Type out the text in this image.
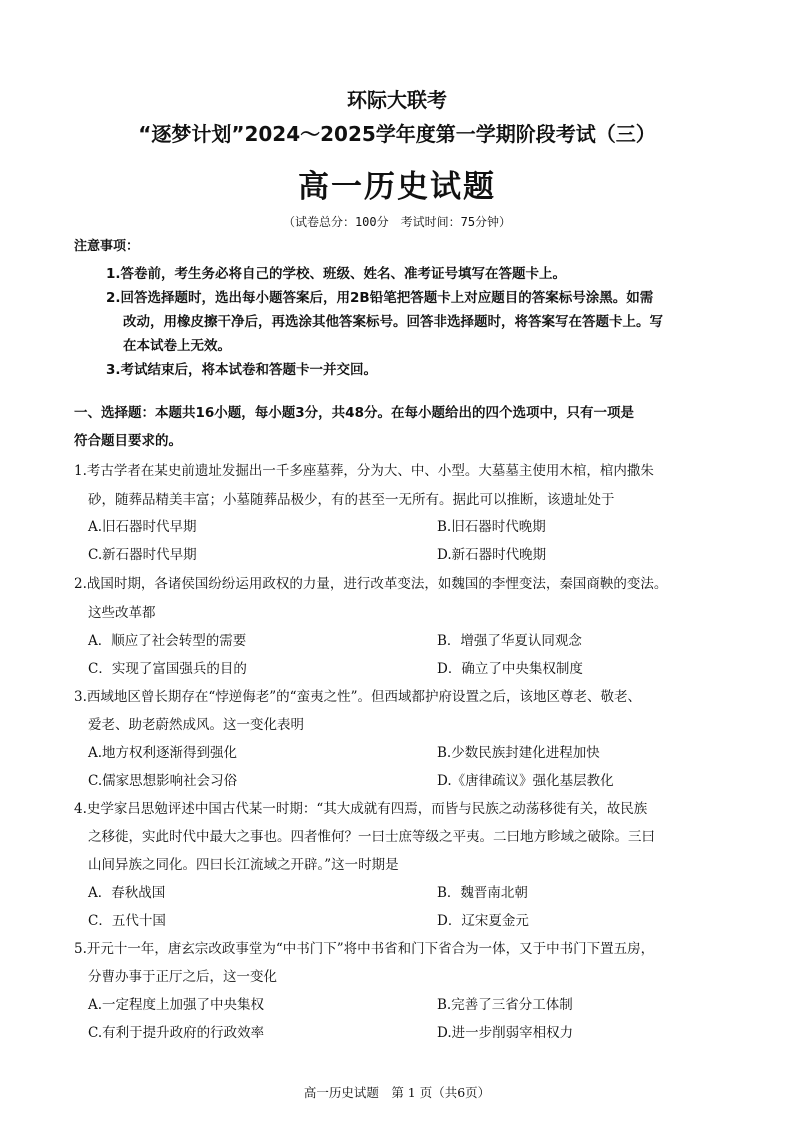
环际大联考
“逐梦计划”2024～2025学年度第一学期阶段考试（三）
高一历史试题
（试卷总分：100分　考试时间：75分钟）
注意事项：
1.答卷前，考生务必将自己的学校、班级、姓名、准考证号填写在答题卡上。
2.回答选择题时，选出每小题答案后，用2B铅笔把答题卡上对应题目的答案标号涂黑。如需
改动，用橡皮擦干净后，再选涂其他答案标号。回答非选择题时，将答案写在答题卡上。写
在本试卷上无效。
3.考试结束后，将本试卷和答题卡一并交回。
一、选择题：本题共16小题，每小题3分，共48分。在每小题给出的四个选项中，只有一项是
符合题目要求的。
1.考古学者在某史前遗址发掘出一千多座墓葬，分为大、中、小型。大墓墓主使用木棺，棺内撒朱
砂，随葬品精美丰富；小墓随葬品极少，有的甚至一无所有。据此可以推断，该遗址处于
A.旧石器时代早期	B.旧石器时代晚期
C.新石器时代早期	D.新石器时代晚期
2.战国时期，各诸侯国纷纷运用政权的力量，进行改革变法，如魏国的李悝变法，秦国商鞅的变法。
这些改革都
A．顺应了社会转型的需要	B．增强了华夏认同观念
C．实现了富国强兵的目的	D．确立了中央集权制度
3.西域地区曾长期存在“悖逆侮老”的“蛮夷之性”。但西域都护府设置之后，该地区尊老、敬老、
爱老、助老蔚然成风。这一变化表明
A.地方权利逐渐得到强化	B.少数民族封建化进程加快
C.儒家思想影响社会习俗	D.《唐律疏议》强化基层教化
4.史学家吕思勉评述中国古代某一时期：“其大成就有四焉，而皆与民族之动荡移徙有关，故民族
之移徙，实此时代中最大之事也。四者惟何？一曰士庶等级之平夷。二曰地方畛域之破除。三曰
山间异族之同化。四曰长江流域之开辟。”这一时期是
A．春秋战国	B．魏晋南北朝
C．五代十国	D．辽宋夏金元
5.开元十一年，唐玄宗改政事堂为“中书门下”将中书省和门下省合为一体，又于中书门下置五房，
分曹办事于正厅之后，这一变化
A.一定程度上加强了中央集权	B.完善了三省分工体制
C.有利于提升政府的行政效率	D.进一步削弱宰相权力
高一历史试题　第 1 页（共6页）
